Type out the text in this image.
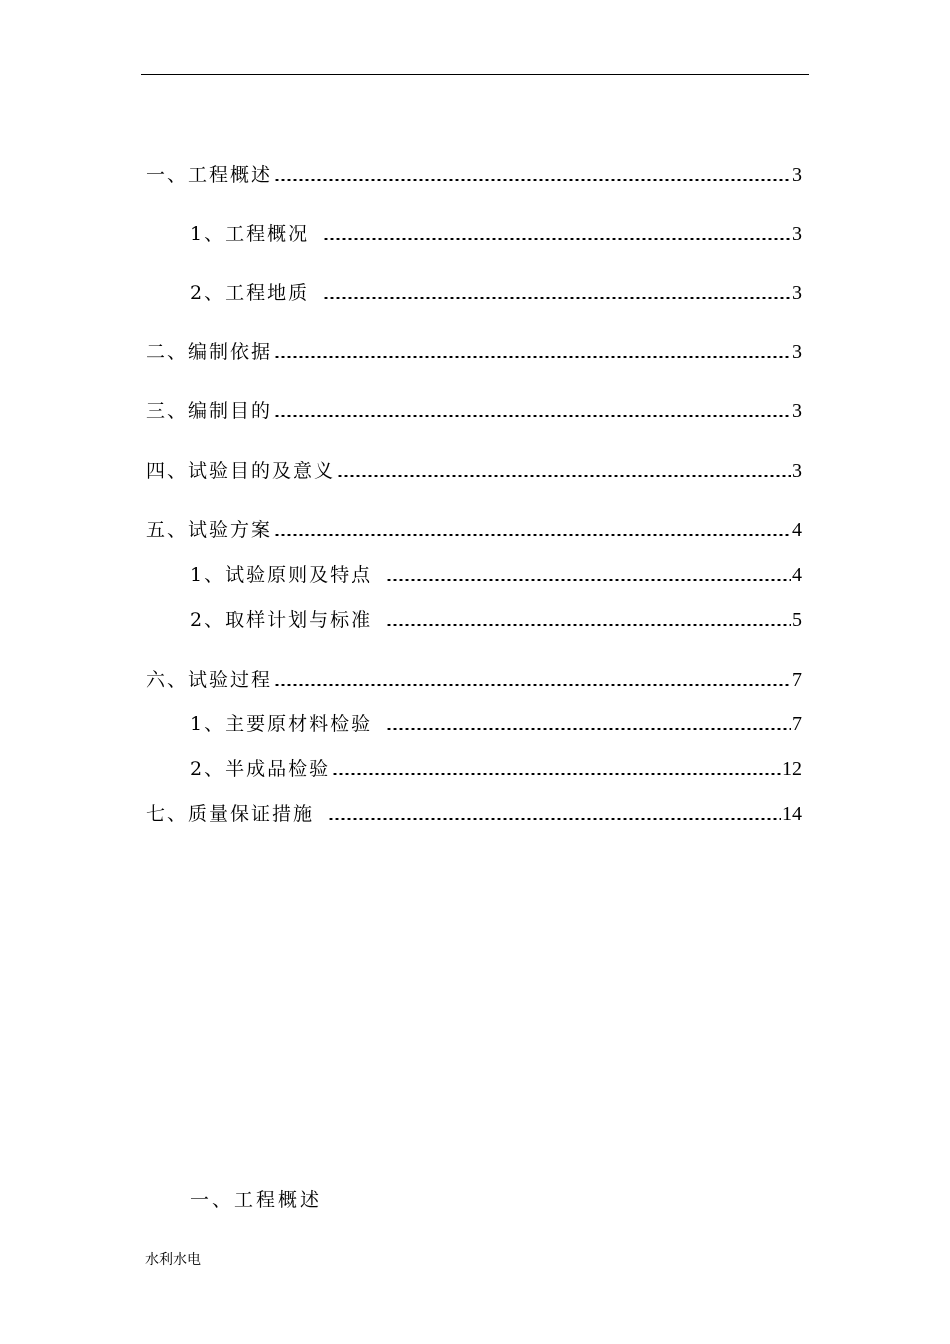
一、工程概述	3
1、工程概况	3
2、工程地质	3
二、编制依据	3
三、编制目的	3
四、试验目的及意义	3
五、试验方案	4
1、试验原则及特点	4
2、取样计划与标准	5
六、试验过程	7
1、主要原材料检验	7
2、半成品检验	12
七、质量保证措施	14
一、工程概述
水利水电
